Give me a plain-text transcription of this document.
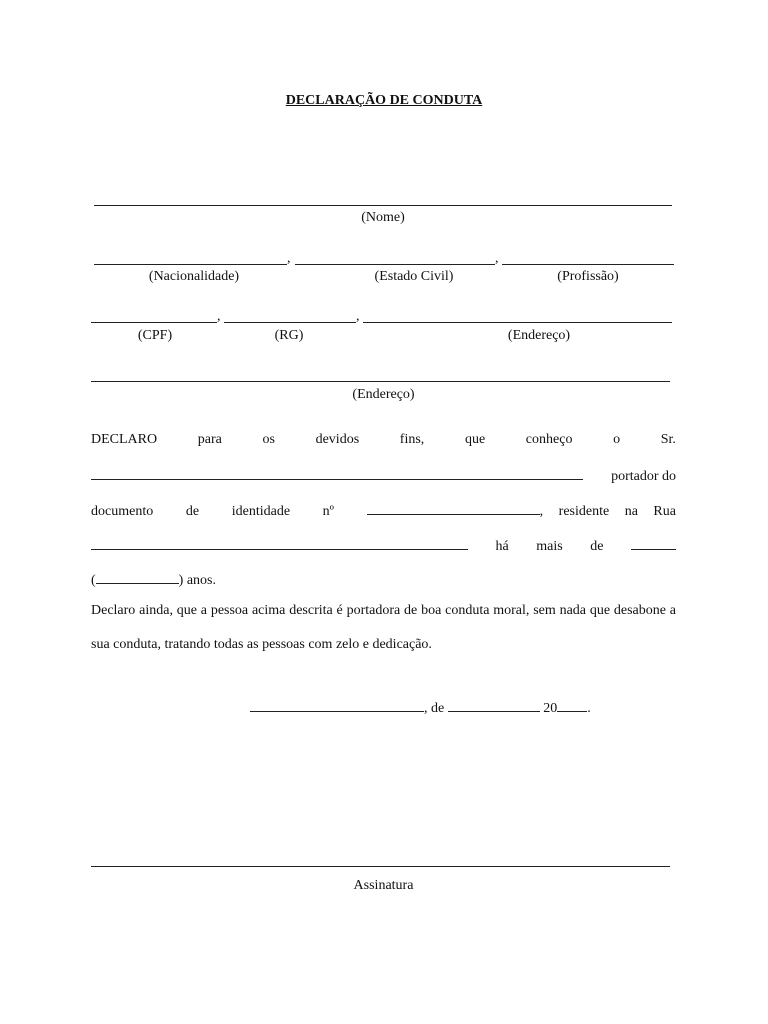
DECLARAÇÃO DE CONDUTA
(Nome)
,	,
(Nacionalidade)	(Estado Civil)	(Profissão)
,	,
(CPF)	(RG)	(Endereço)
(Endereço)
DECLARO	para	os	devidos	fins,	que	conheço	o	Sr.
portador do
documento de identidade nº	, residente na Rua
há mais de
(	) anos.
Declaro ainda, que a pessoa acima descrita é portadora de boa conduta moral, sem nada que desabone a sua conduta, tratando todas as pessoas com zelo e dedicação.
, de	20 .
Assinatura
